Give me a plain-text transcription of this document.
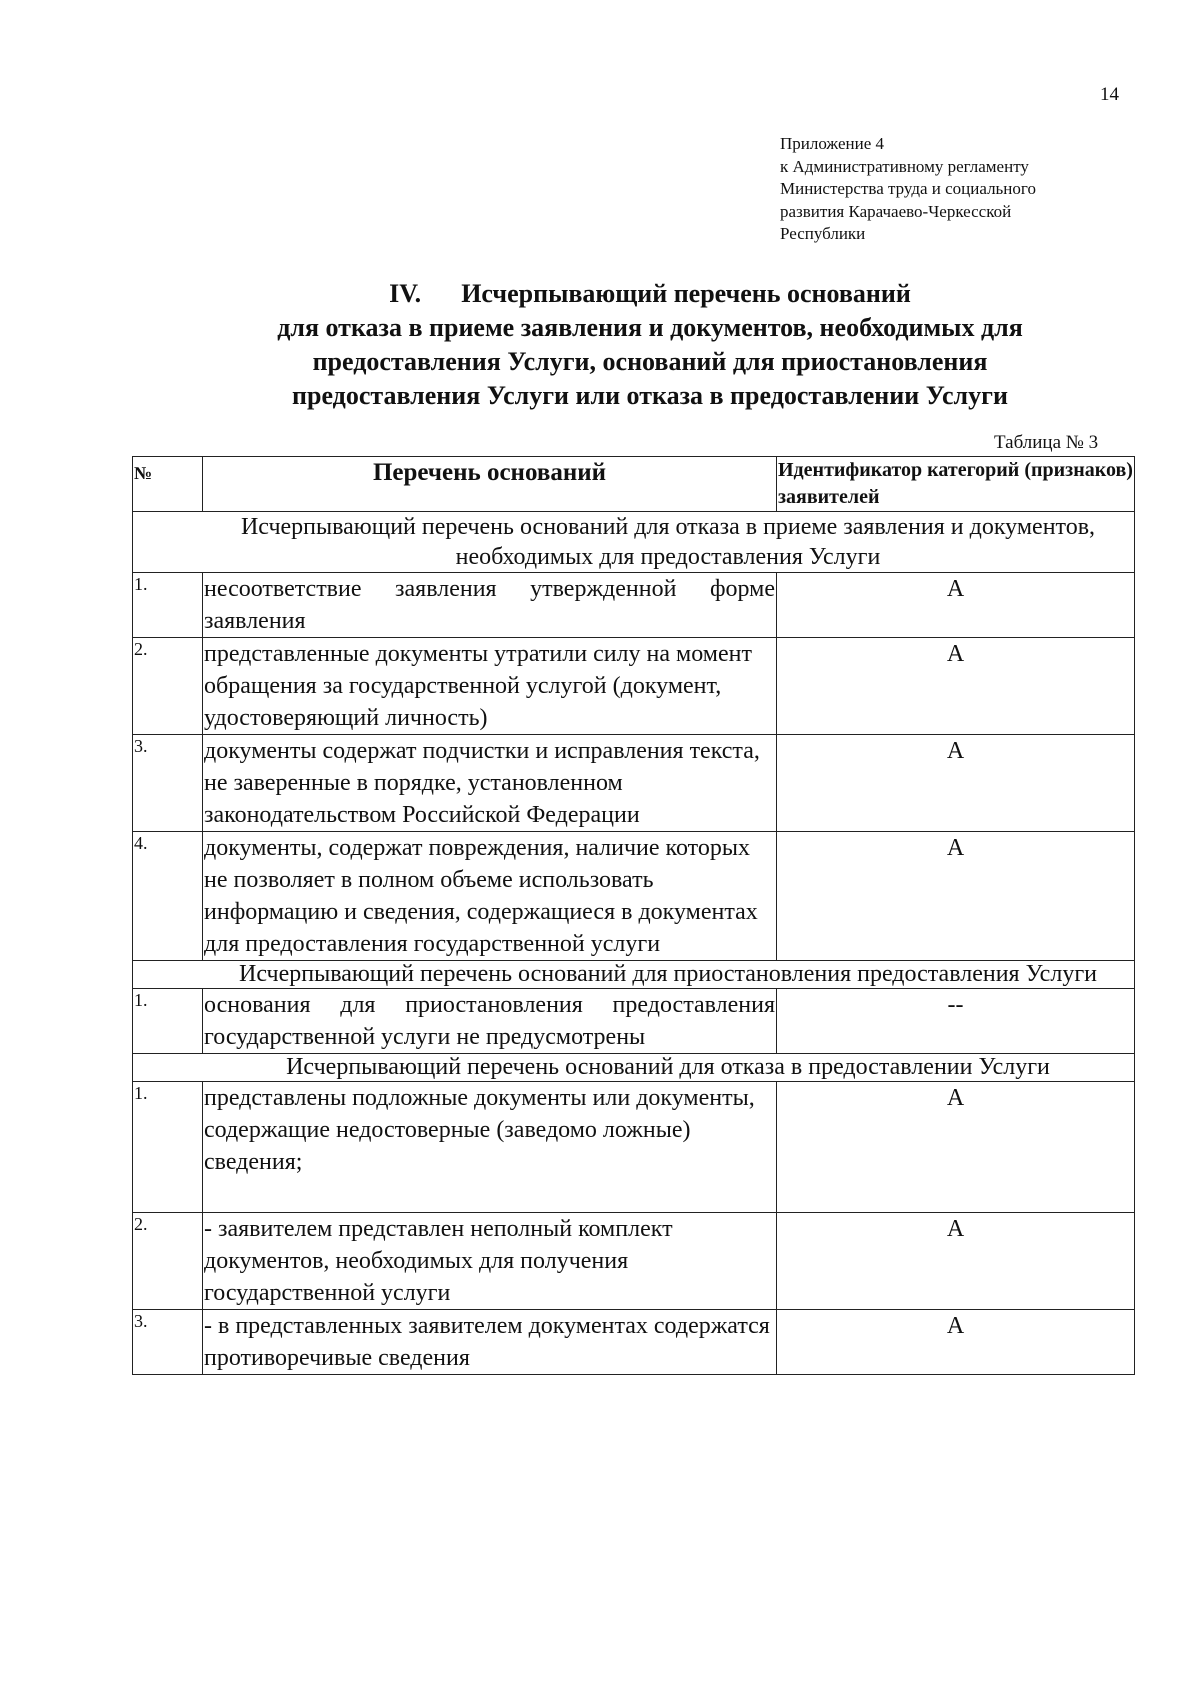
14
Приложение 4
к Административному регламенту
Министерства труда и социального
развития Карачаево-Черкесской
Республики
IV. Исчерпывающий перечень оснований
для отказа в приеме заявления и документов, необходимых для
предоставления Услуги, оснований для приостановления
предоставления Услуги или отказа в предоставлении Услуги
Таблица № 3
№	Перечень оснований	Идентификатор категорий (признаков) заявителей
Исчерпывающий перечень оснований для отказа в приеме заявления и документов, необходимых для предоставления Услуги		
1.	несоответствие заявления утвержденной форме заявления	А
2.	представленные документы утратили силу на момент обращения за государственной услугой (документ, удостоверяющий личность)	А
3.	документы содержат подчистки и исправления текста, не заверенные в порядке, установленном законодательством Российской Федерации	А
4.	документы, содержат повреждения, наличие которых не позволяет в полном объеме использовать информацию и сведения, содержащиеся в документах для предоставления государственной услуги	А
Исчерпывающий перечень оснований для приостановления предоставления Услуги		
1.	основания для приостановления предоставления государственной услуги не предусмотрены	--
Исчерпывающий перечень оснований для отказа в предоставлении Услуги		
1.	представлены подложные документы или документы, содержащие недостоверные (заведомо ложные) сведения;	А
2.	- заявителем представлен неполный комплект документов, необходимых для получения государственной услуги	А
3.	- в представленных заявителем документах содержатся противоречивые сведения	А
